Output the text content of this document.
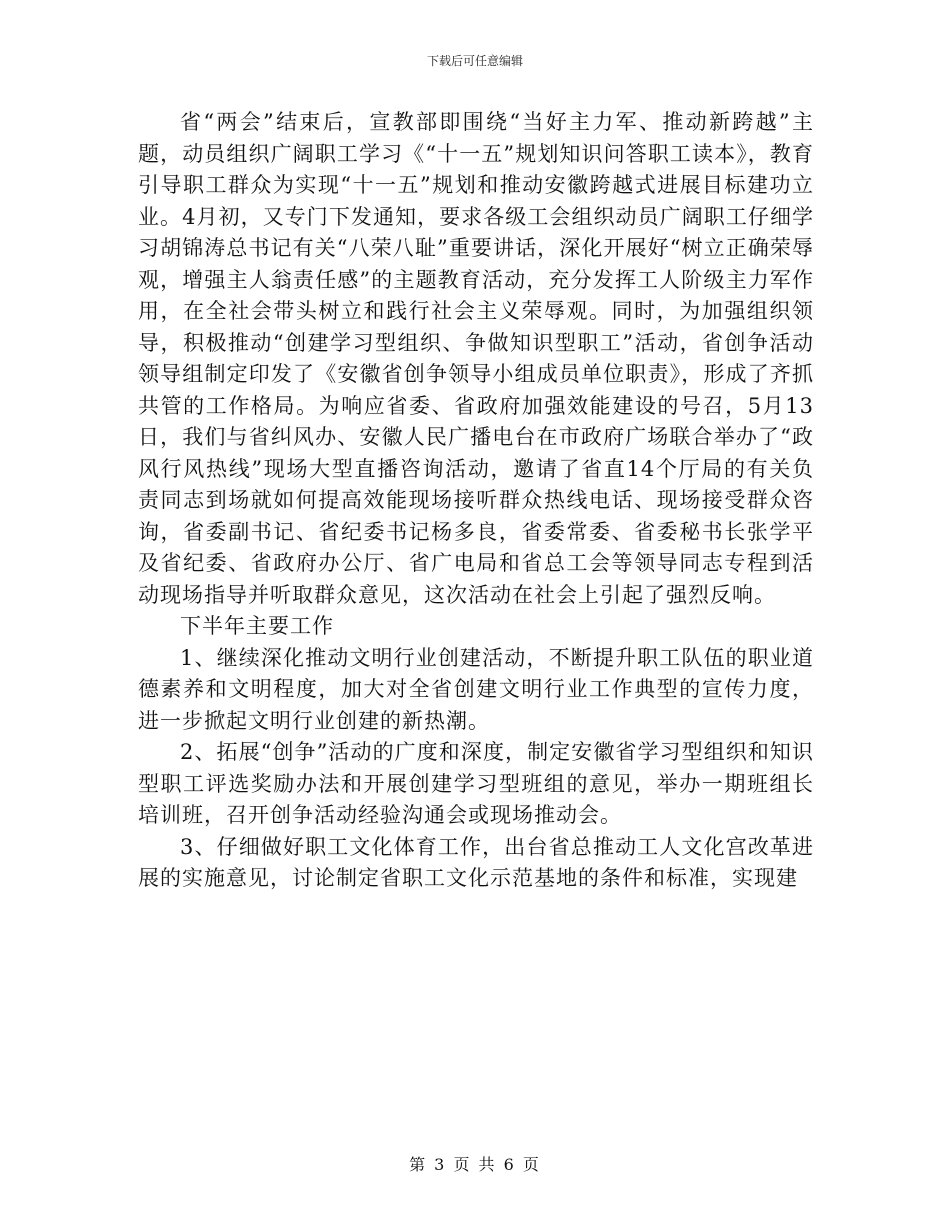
下载后可任意编辑

省“两会”结束后，宣教部即围绕“当好主力军、推动新跨越”主题，动员组织广阔职工学习《“十一五”规划知识问答职工读本》，教育引导职工群众为实现“十一五”规划和推动安徽跨越式进展目标建功立业。4月初，又专门下发通知，要求各级工会组织动员广阔职工仔细学习胡锦涛总书记有关“八荣八耻”重要讲话，深化开展好“树立正确荣辱观，增强主人翁责任感”的主题教育活动，充分发挥工人阶级主力军作用，在全社会带头树立和践行社会主义荣辱观。同时，为加强组织领导，积极推动“创建学习型组织、争做知识型职工”活动，省创争活动领导组制定印发了《安徽省创争领导小组成员单位职责》，形成了齐抓共管的工作格局。为响应省委、省政府加强效能建设的号召，5月13日，我们与省纠风办、安徽人民广播电台在市政府广场联合举办了“政风行风热线”现场大型直播咨询活动，邀请了省直14个厅局的有关负责同志到场就如何提高效能现场接听群众热线电话、现场接受群众咨询，省委副书记、省纪委书记杨多良，省委常委、省委秘书长张学平及省纪委、省政府办公厅、省广电局和省总工会等领导同志专程到活动现场指导并听取群众意见，这次活动在社会上引起了强烈反响。

下半年主要工作

1、继续深化推动文明行业创建活动，不断提升职工队伍的职业道德素养和文明程度，加大对全省创建文明行业工作典型的宣传力度，进一步掀起文明行业创建的新热潮。

2、拓展“创争”活动的广度和深度，制定安徽省学习型组织和知识型职工评选奖励办法和开展创建学习型班组的意见，举办一期班组长培训班，召开创争活动经验沟通会或现场推动会。

3、仔细做好职工文化体育工作，出台省总推动工人文化宫改革进展的实施意见，讨论制定省职工文化示范基地的条件和标准，实现建

第 3 页 共 6 页
